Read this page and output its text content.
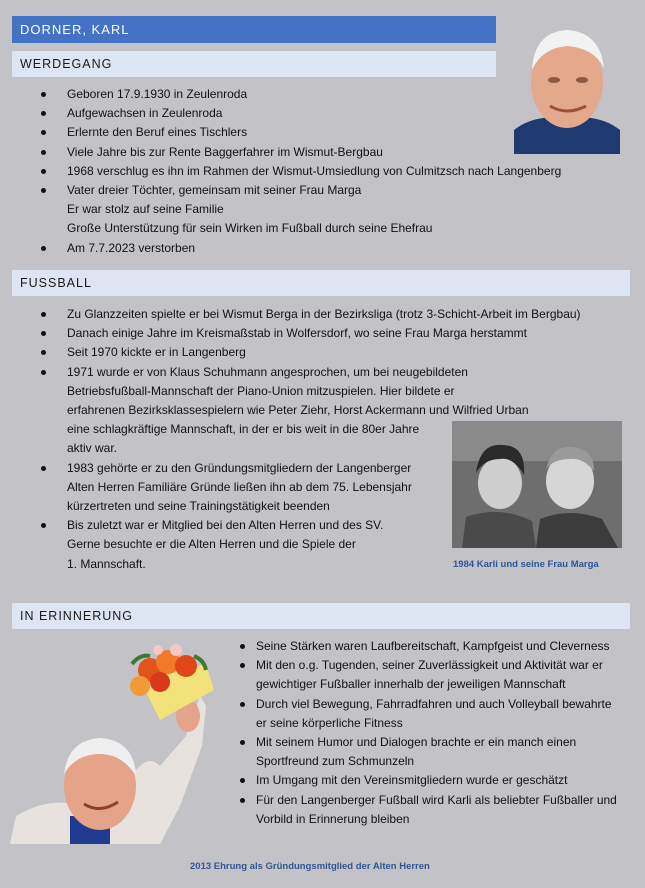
DORNER, KARL
WERDEGANG
Geboren 17.9.1930 in Zeulenroda
Aufgewachsen in Zeulenroda
Erlernte den Beruf eines Tischlers
Viele Jahre bis zur Rente Baggerfahrer im Wismut-Bergbau
1968 verschlug es ihn im Rahmen der Wismut-Umsiedlung von Culmitzsch nach Langenberg
Vater dreier Töchter, gemeinsam mit seiner Frau Marga
Er war stolz auf seine Familie
Große Unterstützung für sein Wirken im Fußball durch seine Ehefrau
Am 7.7.2023 verstorben
FUSSBALL
Zu Glanzzeiten spielte er bei Wismut Berga in der Bezirksliga (trotz 3-Schicht-Arbeit im Bergbau)
Danach einige Jahre im Kreismaßstab in Wolfersdorf, wo seine Frau Marga herstammt
Seit 1970 kickte er in Langenberg
1971 wurde er von Klaus Schuhmann angesprochen, um bei neugebildeten
Betriebsfußball-Mannschaft der Piano-Union mitzuspielen. Hier bildete er
erfahrenen Bezirksklassespielern wie Peter Ziehr, Horst Ackermann und Wilfried Urban
eine schlagkräftige Mannschaft, in der er bis weit in die 80er Jahre
aktiv war.
1983 gehörte er zu den Gründungsmitgliedern der Langenberger
Alten Herren Familiäre Gründe ließen ihn ab dem 75. Lebensjahr
kürzertreten und seine Trainingstätigkeit beenden
Bis zuletzt war er Mitglied bei den Alten Herren und des SV.
Gerne besuchte er die Alten Herren und die Spiele der
1. Mannschaft.	1984 Karli und seine Frau Marga
IN ERINNERUNG
Seine Stärken waren Laufbereitschaft, Kampfgeist und Cleverness
Mit den o.g. Tugenden, seiner Zuverlässigkeit und Aktivität war er
gewichtiger Fußballer innerhalb der jeweiligen Mannschaft
Durch viel Bewegung, Fahrradfahren und auch Volleyball bewahrte
er seine körperliche Fitness
Mit seinem Humor und Dialogen brachte er ein manch einen
Sportfreund zum Schmunzeln
Im Umgang mit den Vereinsmitgliedern wurde er geschätzt
Für den Langenberger Fußball wird Karli als beliebter Fußballer und
Vorbild in Erinnerung bleiben
2013 Ehrung als Gründungsmitglied der Alten Herren
